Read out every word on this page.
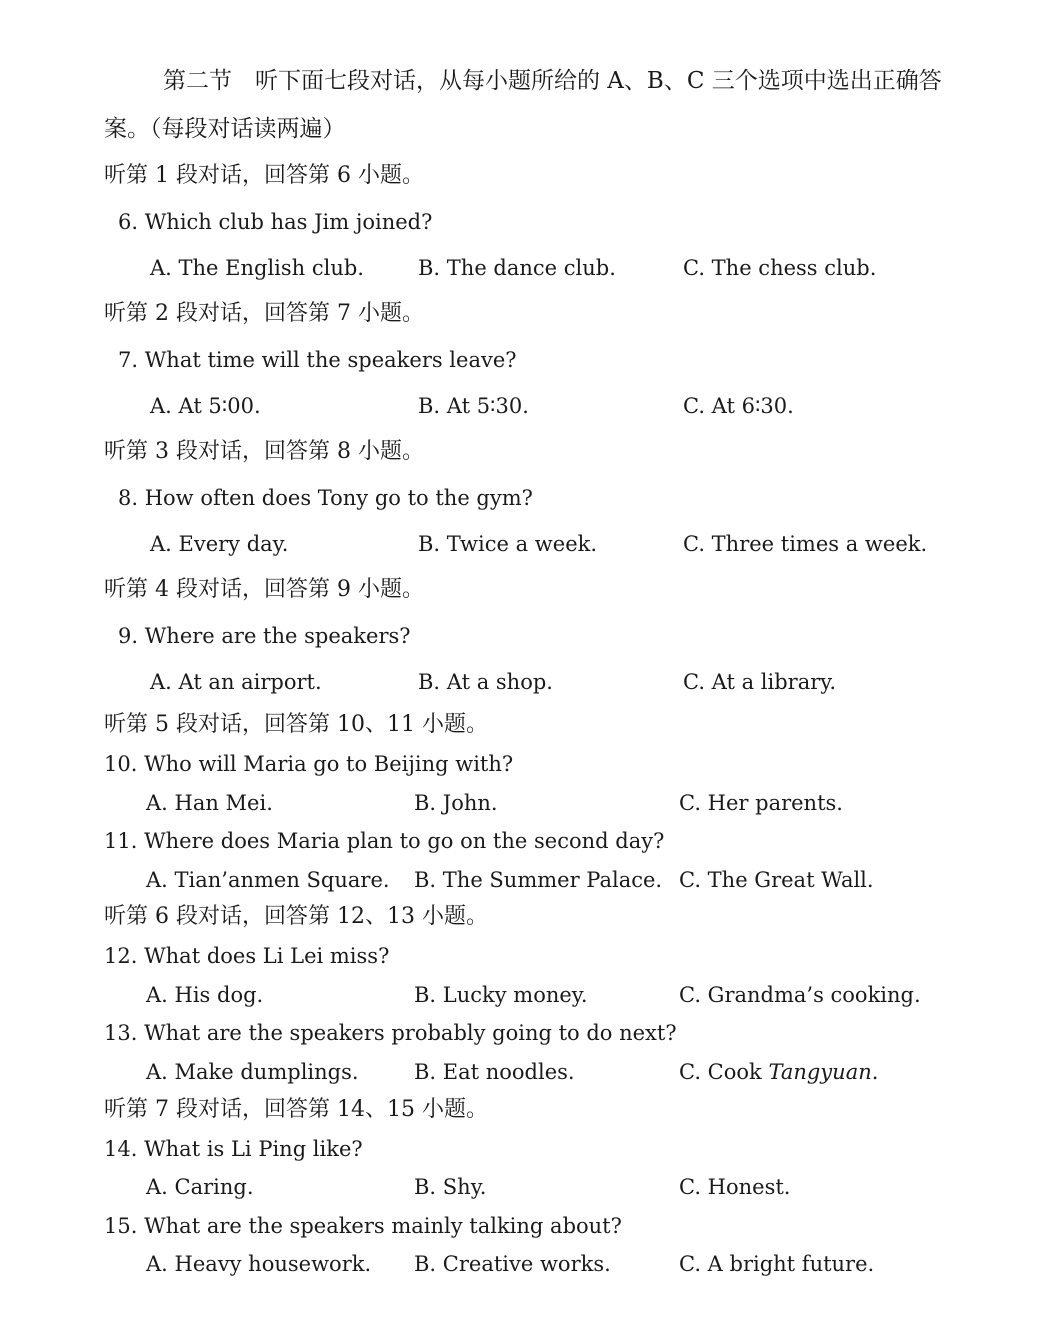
第二节　听下面七段对话，从每小题所给的 A、B、C 三个选项中选出正确答
案。（每段对话读两遍）
听第 1 段对话，回答第 6 小题。
6. Which club has Jim joined?
A. The English club.	B. The dance club.	C. The chess club.
听第 2 段对话，回答第 7 小题。
7. What time will the speakers leave?
A. At 5∶00.	B. At 5∶30.	C. At 6∶30.
听第 3 段对话，回答第 8 小题。
8. How often does Tony go to the gym?
A. Every day.	B. Twice a week.	C. Three times a week.
听第 4 段对话，回答第 9 小题。
9. Where are the speakers?
A. At an airport.	B. At a shop.	C. At a library.
听第 5 段对话，回答第 10、11 小题。
10. Who will Maria go to Beijing with?
A. Han Mei.	B. John.	C. Her parents.
11. Where does Maria plan to go on the second day?
A. Tian’anmen Square. B. The Summer Palace. C. The Great Wall.
听第 6 段对话，回答第 12、13 小题。
12. What does Li Lei miss?
A. His dog.	B. Lucky money.	C. Grandma’s cooking.
13. What are the speakers probably going to do next?
A. Make dumplings.	B. Eat noodles.	C. Cook Tangyuan.
听第 7 段对话，回答第 14、15 小题。
14. What is Li Ping like?
A. Caring.	B. Shy.	C. Honest.
15. What are the speakers mainly talking about?
A. Heavy housework. B. Creative works.	C. A bright future.
